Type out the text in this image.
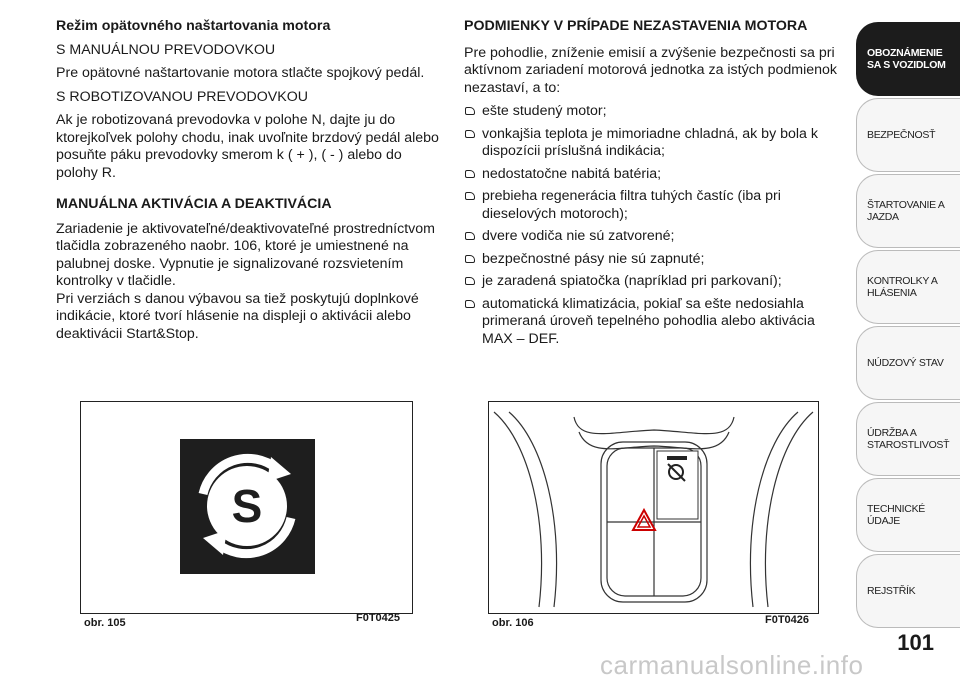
Režim opätovného naštartovania motora

S MANUÁLNOU PREVODOVKOU

Pre opätovné naštartovanie motora stlačte spojkový pedál.

S ROBOTIZOVANOU PREVODOVKOU

Ak je robotizovaná prevodovka v polohe N, dajte ju do ktorejkoľvek polohy chodu, inak uvoľnite brzdový pedál alebo posuňte páku prevodovky smerom k ( + ), ( - ) alebo do polohy R.

MANUÁLNA AKTIVÁCIA A DEAKTIVÁCIA

Zariadenie je aktivovateľné/deaktivovateľné prostredníctvom tlačidla zobrazeného naobr. 106, ktoré je umiestnené na palubnej doske. Vypnutie je signalizované rozsvietením kontrolky v tlačidle.

Pri verziách s danou výbavou sa tiež poskytujú doplnkové indikácie, ktoré tvorí hlásenie na displeji o aktivácii alebo deaktivácii Start&Stop.

PODMIENKY V PRÍPADE NEZASTAVENIA MOTORA

Pre pohodlie, zníženie emisií a zvýšenie bezpečnosti sa pri aktívnom zariadení motorová jednotka za istých podmienok nezastaví, a to:

ešte studený motor;
vonkajšia teplota je mimoriadne chladná, ak by bola k dispozícii príslušná indikácia;
nedostatočne nabitá batéria;
prebieha regenerácia filtra tuhých častíc (iba pri dieselových motoroch);
dvere vodiča nie sú zatvorené;
bezpečnostné pásy nie sú zapnuté;
je zaradená spiatočka (napríklad pri parkovaní);
automatická klimatizácia, pokiaľ sa ešte nedosiahla primeraná úroveň tepelného pohodlia alebo aktivácia MAX – DEF.
S
obr. 105	F0T0425	obr. 106	F0T0426
OBOZNÁMENIE SA S VOZIDLOM
BEZPEČNOSŤ
ŠTARTOVANIE A JAZDA
KONTROLKY A HLÁSENIA
NÚDZOVÝ STAV
ÚDRŽBA A STAROSTLIVOSŤ
TECHNICKÉ ÚDAJE
REJSTŘÍK
101
carmanualsonline.info
